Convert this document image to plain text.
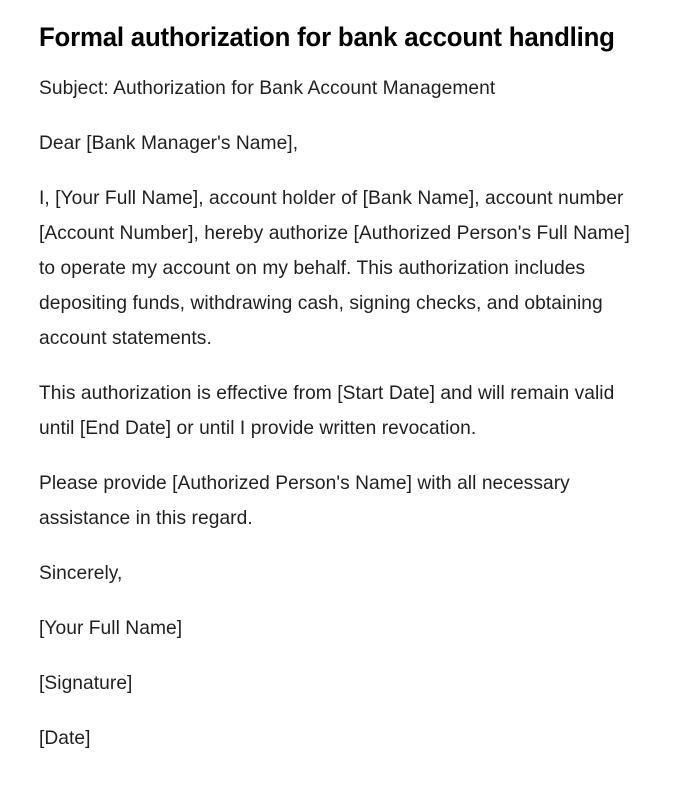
Formal authorization for bank account handling

Subject: Authorization for Bank Account Management

Dear [Bank Manager's Name],

I, [Your Full Name], account holder of [Bank Name], account number [Account Number], hereby authorize [Authorized Person's Full Name] to operate my account on my behalf. This authorization includes depositing funds, withdrawing cash, signing checks, and obtaining account statements.

This authorization is effective from [Start Date] and will remain valid until [End Date] or until I provide written revocation.

Please provide [Authorized Person's Name] with all necessary assistance in this regard.

Sincerely,

[Your Full Name]

[Signature]

[Date]
